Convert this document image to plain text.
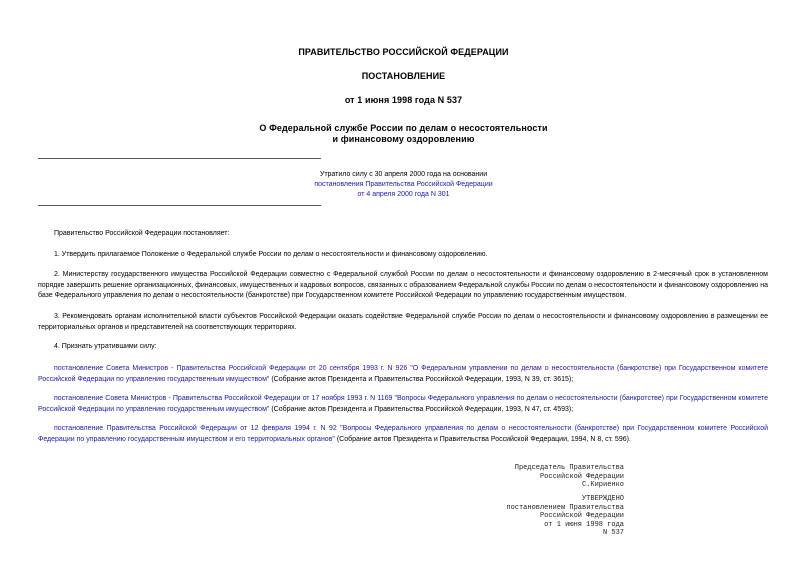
ПРАВИТЕЛЬСТВО РОССИЙСКОЙ ФЕДЕРАЦИИ
ПОСТАНОВЛЕНИЕ
от 1 июня 1998 года N 537
О Федеральной службе России по делам о несостоятельности
и финансовому оздоровлению
Утратило силу с 30 апреля 2000 года на основании
постановления Правительства Российской Федерации
от 4 апреля 2000 года N 301
Правительство Российской Федерации постановляет:
1. Утвердить прилагаемое Положение о Федеральной службе России по делам о несостоятельности и финансовому оздоровлению.
2. Министерству государственного имущества Российской Федерации совместно с Федеральной службой России по делам о несостоятельности и финансовому оздоровлению в 2-месячный срок в установленном порядке завершить решение организационных, финансовых, имущественных и кадровых вопросов, связанных с образованием Федеральной службы России по делам о несостоятельности и финансовому оздоровлению на базе Федерального управления по делам о несостоятельности (банкротстве) при Государственном комитете Российской Федерации по управлению государственным имуществом.
3. Рекомендовать органам исполнительной власти субъектов Российской Федерации оказать содействие Федеральной службе России по делам о несостоятельности и финансовому оздоровлению в размещении ее территориальных органов и представителей на соответствующих территориях.
4. Признать утратившими силу:
постановление Совета Министров - Правительства Российской Федерации от 20 сентября 1993 г. N 926 "О Федеральном управлении по делам о несостоятельности (банкротстве) при Государственном комитете Российской Федерации по управлению государственным имуществом" (Собрание актов Президента и Правительства Российской Федерации, 1993, N 39, ст. 3615);
постановление Совета Министров - Правительства Российской Федерации от 17 ноября 1993 г. N 1169 "Вопросы Федерального управления по делам о несостоятельности (банкротстве) при Государственном комитете Российской Федерации по управлению государственным имуществом" (Собрание актов Президента и Правительства Российской Федерации, 1993, N 47, ст. 4593);
постановление Правительства Российской Федерации от 12 февраля 1994 г. N 92 "Вопросы Федерального управления по делам о несостоятельности (банкротстве) при Государственном комитете Российской Федерации по управлению государственным имуществом и его территориальных органов" (Собрание актов Президента и Правительства Российской Федерации, 1994, N 8, ст. 596).
Председатель Правительства
Российской Федерации
С.Кириенко
УТВЕРЖДЕНО
постановлением Правительства
Российской Федерации
от 1 июня 1998 года
N 537
